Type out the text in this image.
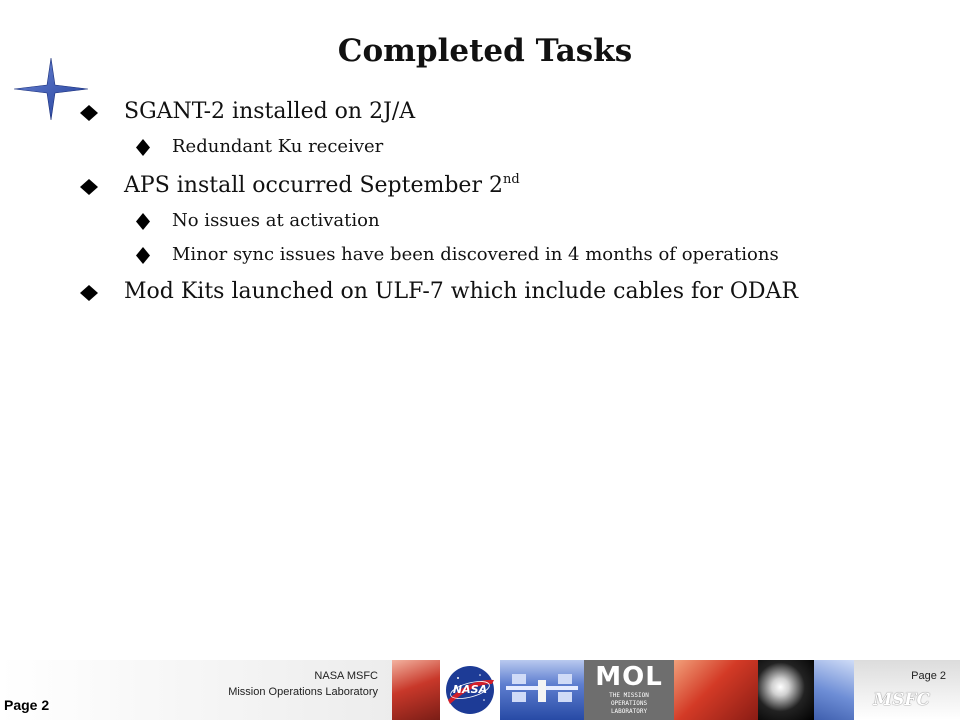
Completed Tasks
SGANT-2 installed on 2J/A
Redundant Ku receiver
APS install occurred September 2nd
No issues at activation
Minor sync issues have been discovered in 4 months of operations
Mod Kits launched on ULF-7 which include cables for ODAR
Page 2
NASA MSFC
Mission Operations Laboratory	NASA	MOL
THE MISSION
OPERATIONS
LABORATORY
Page 2
MSFC
